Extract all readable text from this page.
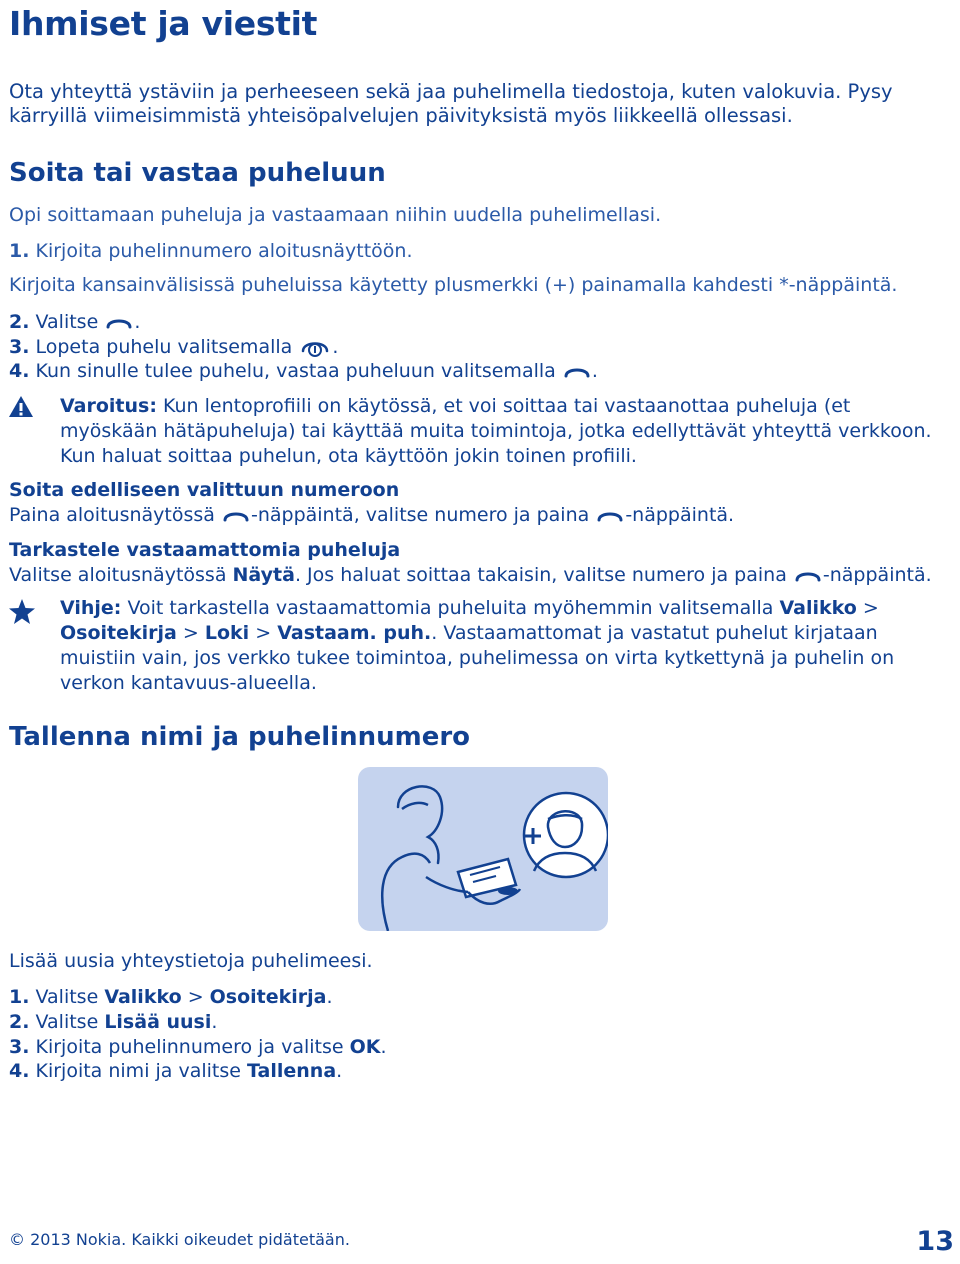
Ihmiset ja viestit

Ota yhteyttä ystäviin ja perheeseen sekä jaa puhelimella tiedostoja, kuten valokuvia. Pysy kärryillä viimeisimmistä yhteisöpalvelujen päivityksistä myös liikkeellä ollessasi.

Soita tai vastaa puheluun
Opi soittamaan puheluja ja vastaamaan niihin uudella puhelimellasi.
1. Kirjoita puhelinnumero aloitusnäyttöön.
Kirjoita kansainvälisissä puheluissa käytetty plusmerkki (+) painamalla kahdesti *-näppäintä.
2. Valitse .
3. Lopeta puhelu valitsemalla .
4. Kun sinulle tulee puhelu, vastaa puheluun valitsemalla .
Varoitus: Kun lentoprofiili on käytössä, et voi soittaa tai vastaanottaa puheluja (et myöskään hätäpuheluja) tai käyttää muita toimintoja, jotka edellyttävät yhteyttä verkkoon. Kun haluat soittaa puhelun, ota käyttöön jokin toinen profiili.
Soita edelliseen valittuun numeroon
Paina aloitusnäytössä -näppäintä, valitse numero ja paina -näppäintä.
Tarkastele vastaamattomia puheluja
Valitse aloitusnäytössä Näytä. Jos haluat soittaa takaisin, valitse numero ja paina -näppäintä.
Vihje: Voit tarkastella vastaamattomia puheluita myöhemmin valitsemalla Valikko > Osoitekirja > Loki > Vastaam. puh.. Vastaamattomat ja vastatut puhelut kirjataan muistiin vain, jos verkko tukee toimintoa, puhelimessa on virta kytkettynä ja puhelin on verkon kantavuus-alueella.
Tallenna nimi ja puhelinnumero
Lisää uusia yhteystietoja puhelimeesi.
1. Valitse Valikko > Osoitekirja.
2. Valitse Lisää uusi.
3. Kirjoita puhelinnumero ja valitse OK.
4. Kirjoita nimi ja valitse Tallenna.
© 2013 Nokia. Kaikki oikeudet pidätetään.	13
